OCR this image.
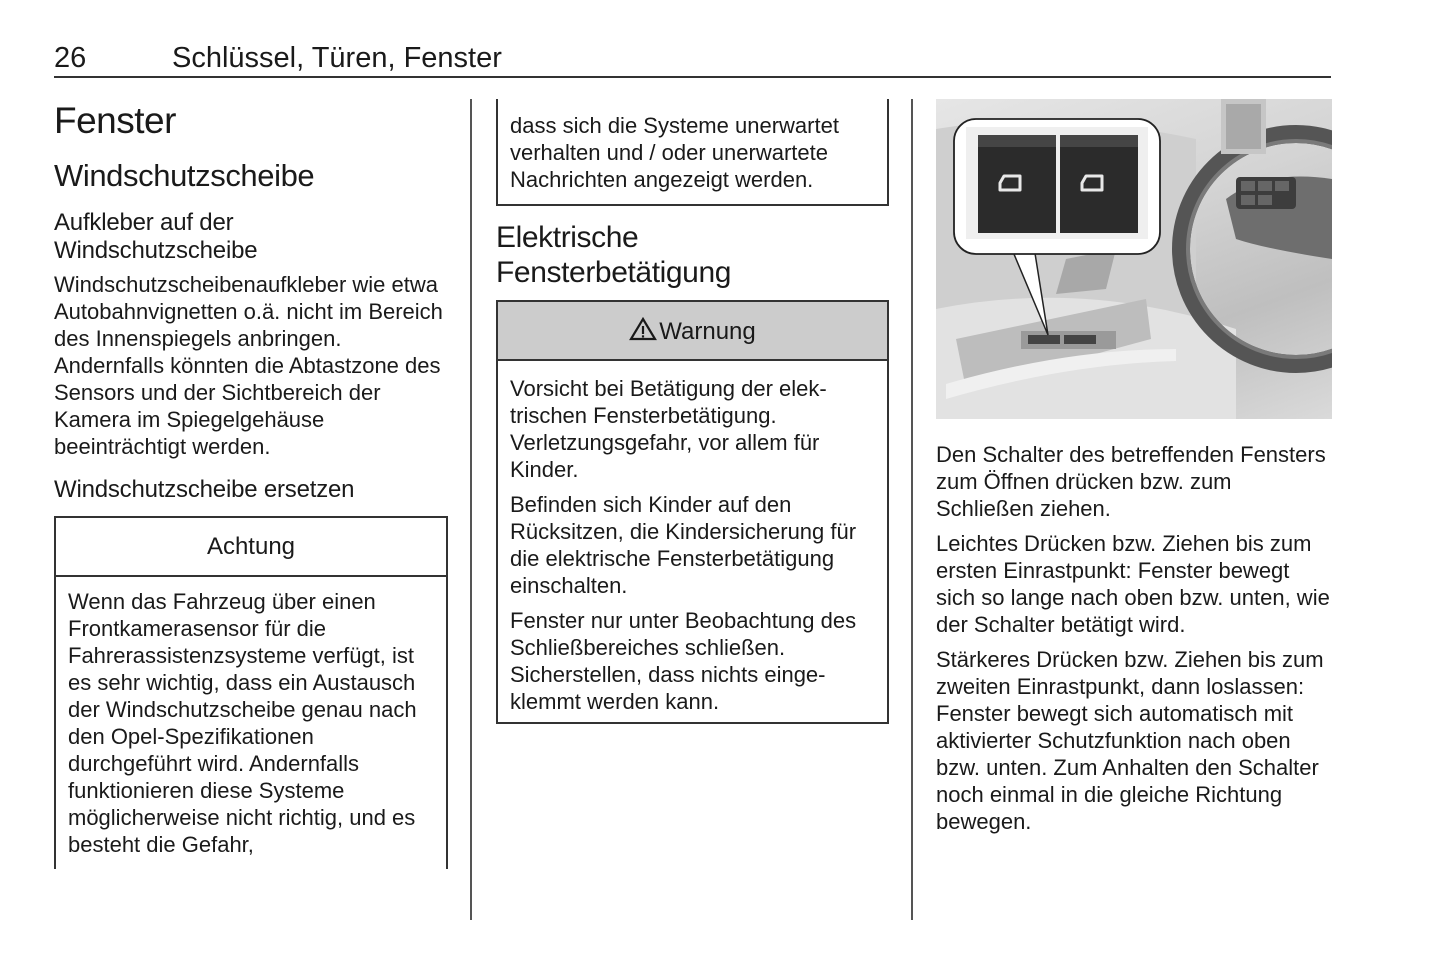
26	Schlüssel, Türen, Fenster
Fenster
Windschutzscheibe
Aufkleber auf der
Windschutzscheibe

Windschutzscheibenaufkleber wie etwa Autobahnvignetten o.ä. nicht im Bereich des Innenspiegels anbringen. Andernfalls könnten die Abtastzone des Sensors und der Sichtbereich der Kamera im Spiegelgehäuse beeinträchtigt werden.

Windschutzscheibe ersetzen
Achtung

Wenn das Fahrzeug über einen Frontkamerasensor für die Fahrerassistenzsysteme verfügt, ist es sehr wichtig, dass ein Austausch der Windschutzscheibe genau nach den Opel-Spezifikationen durchgeführt wird. Andernfalls funktionieren diese Systeme möglicherweise nicht richtig, und es besteht die Gefahr,

dass sich die Systeme unerwartet verhalten und / oder unerwartete Nachrichten angezeigt werden.

Elektrische
Fensterbetätigung
Warnung

Vorsicht bei Betätigung der elektrischen Fensterbetätigung. Verletzungsgefahr, vor allem für Kinder.

Befinden sich Kinder auf den Rücksitzen, die Kindersicherung für die elektrische Fensterbetätigung einschalten.

Fenster nur unter Beobachtung des Schließbereiches schließen. Sicherstellen, dass nichts eingeklemmt werden kann.

Den Schalter des betreffenden Fensters zum Öffnen drücken bzw. zum Schließen ziehen.

Leichtes Drücken bzw. Ziehen bis zum ersten Einrastpunkt: Fenster bewegt sich so lange nach oben bzw. unten, wie der Schalter betätigt wird.

Stärkeres Drücken bzw. Ziehen bis zum zweiten Einrastpunkt, dann loslassen: Fenster bewegt sich automatisch mit aktivierter Schutzfunktion nach oben bzw. unten. Zum Anhalten den Schalter noch einmal in die gleiche Richtung bewegen.
